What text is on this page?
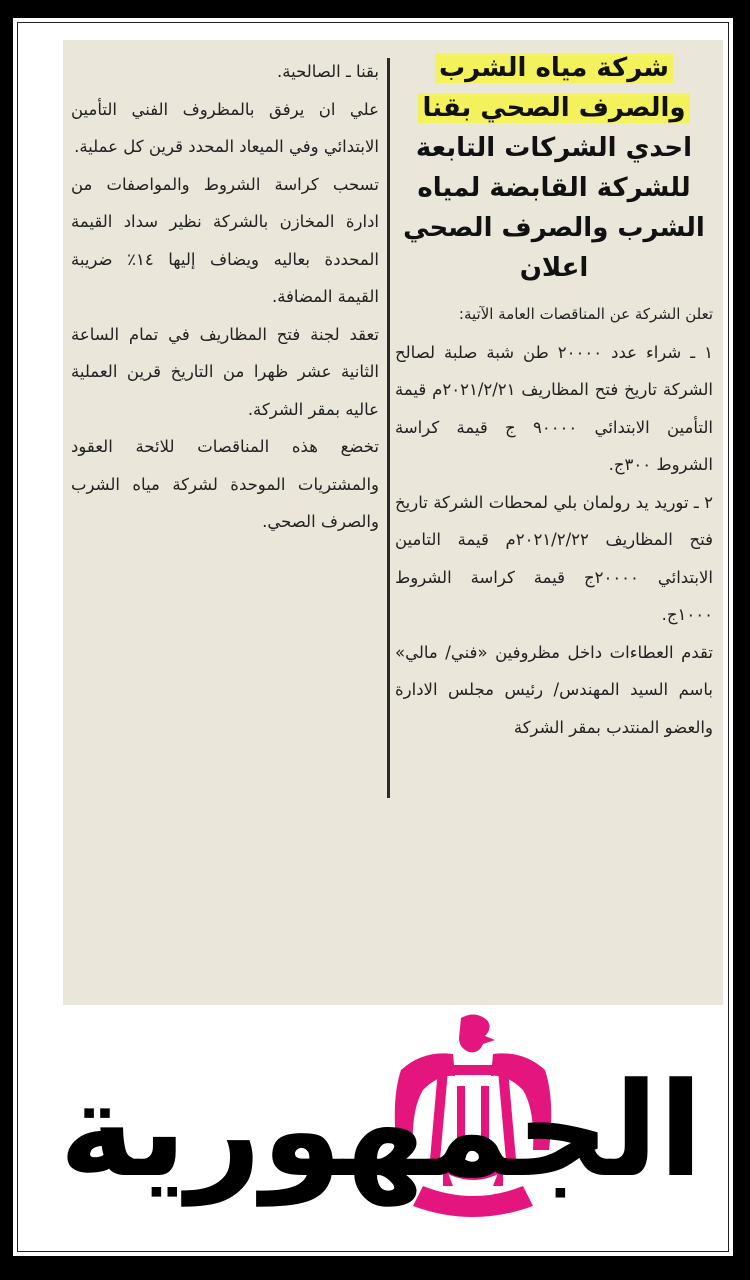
شركة مياه الشرب
والصرف الصحي بقنا
احدي الشركات التابعة
للشركة القابضة لمياه
الشرب والصرف الصحي
اعلان

تعلن الشركة عن المناقصات العامة الآتية:

١ ـ شراء عدد ٢٠٠٠٠ طن شبة صلبة لصالح الشركة تاريخ فتح المظاريف ٢٠٢١/٢/٢١م قيمة التأمين الابتدائي ٩٠٠٠٠ ج قيمة كراسة الشروط ٣٠٠ج.

٢ ـ توريد يد رولمان بلي لمحطات الشركة تاريخ فتح المظاريف ٢٠٢١/٢/٢٢م قيمة التامين الابتدائي ٢٠٠٠٠ج قيمة كراسة الشروط ١٠٠٠ج.

تقدم العطاءات داخل مظروفين «فني/ مالي» باسم السيد المهندس/ رئيس مجلس الادارة والعضو المنتدب بمقر الشركة

بقنا ـ الصالحية.

علي ان يرفق بالمظروف الفني التأمين الابتدائي وفي الميعاد المحدد قرين كل عملية.

تسحب كراسة الشروط والمواصفات من ادارة المخازن بالشركة نظير سداد القيمة المحددة بعاليه ويضاف إليها ١٤٪ ضريبة القيمة المضافة.

تعقد لجنة فتح المظاريف في تمام الساعة الثانية عشر ظهرا من التاريخ قرين العملية عاليه بمقر الشركة.

تخضع هذه المناقصات للائحة العقود والمشتريات الموحدة لشركة مياه الشرب والصرف الصحي.

الجمهورية
